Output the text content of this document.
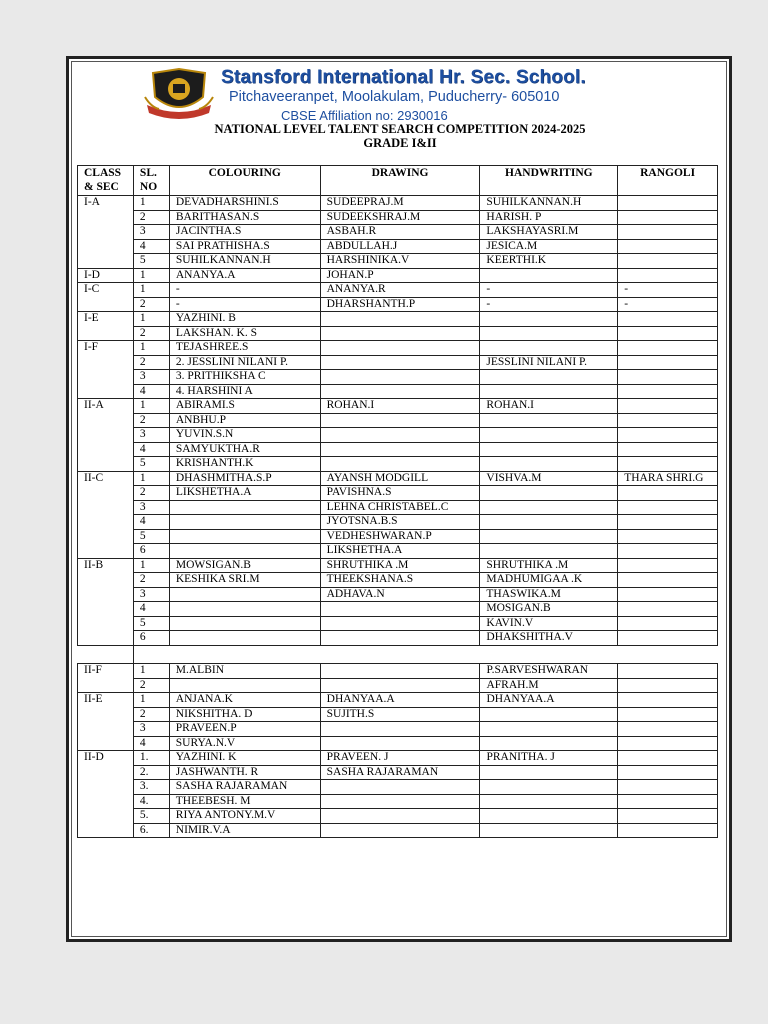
Stansford International Hr. Sec. School.
Pitchaveeranpet, Moolakulam, Puducherry- 605010
CBSE Affiliation no: 2930016
NATIONAL LEVEL TALENT SEARCH COMPETITION 2024-2025
GRADE I&II
CLASS & SEC	SL. NO	COLOURING	DRAWING	HANDWRITING	RANGOLI
I-A	1	DEVADHARSHINI.S	SUDEEPRAJ.M	SUHILKANNAN.H	
	2	BARITHASAN.S	SUDEEKSHRAJ.M	HARISH. P	
	3	JACINTHA.S	ASBAH.R	LAKSHAYASRI.M	
	4	SAI PRATHISHA.S	ABDULLAH.J	JESICA.M	
	5	SUHILKANNAN.H	HARSHINIKA.V	KEERTHI.K	
I-D	1	ANANYA.A	JOHAN.P		
I-C	1	-	ANANYA.R	-	-
	2	-	DHARSHANTH.P	-	-
I-E	1	YAZHINI. B			
	2	LAKSHAN. K. S			
I-F	1	TEJASHREE.S			
	2	2. JESSLINI NILANI P.		JESSLINI NILANI P.	
	3	3. PRITHIKSHA C			
	4	4. HARSHINI A			
II-A	1	ABIRAMI.S	ROHAN.I	ROHAN.I	
	2	ANBHU.P			
	3	YUVIN.S.N			
	4	SAMYUKTHA.R			
	5	KRISHANTH.K			
II-C	1	DHASHMITHA.S.P	AYANSH MODGILL	VISHVA.M	THARA SHRI.G
	2	LIKSHETHA.A	PAVISHNA.S		
	3		LEHNA CHRISTABEL.C		
	4		JYOTSNA.B.S		
	5		VEDHESHWARAN.P		
	6		LIKSHETHA.A		
II-B	1	MOWSIGAN.B	SHRUTHIKA .M	SHRUTHIKA .M	
	2	KESHIKA SRI.M	THEEKSHANA.S	MADHUMIGAA .K	
	3		ADHAVA.N	THASWIKA.M	
	4			MOSIGAN.B	
	5			KAVIN.V	
	6			DHAKSHITHA.V	

II-F	1	M.ALBIN		P.SARVESHWARAN	
	2			AFRAH.M	
II-E	1	ANJANA.K	DHANYAA.A	DHANYAA.A	
	2	NIKSHITHA. D	SUJITH.S		
	3	PRAVEEN.P			
	4	SURYA.N.V			
II-D	1.	YAZHINI. K	PRAVEEN. J	PRANITHA. J	
	2.	JASHWANTH. R	SASHA RAJARAMAN		
	3.	SASHA RAJARAMAN			
	4.	THEEBESH. M			
	5.	RIYA ANTONY.M.V			
	6.	NIMIR.V.A			
